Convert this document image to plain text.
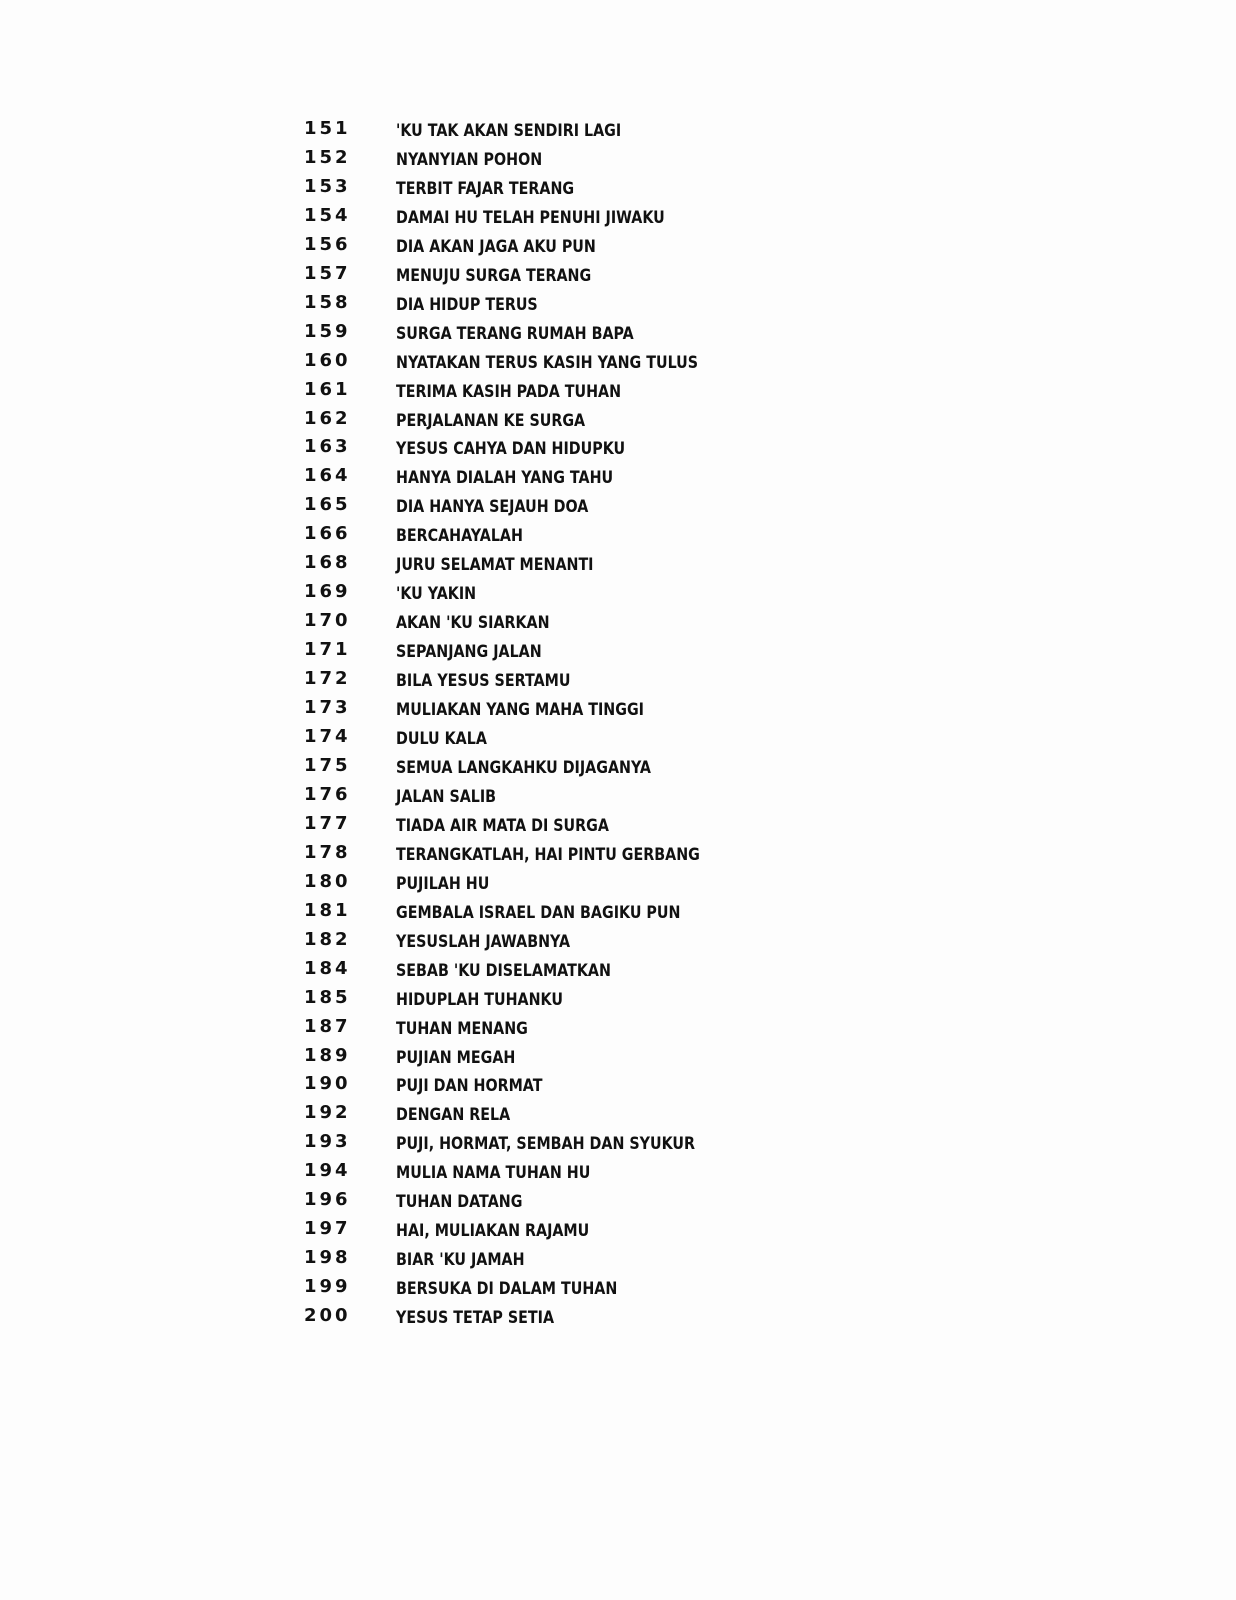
151	'KU TAK AKAN SENDIRI LAGI
152	NYANYIAN POHON
153	TERBIT FAJAR TERANG
154	DAMAI HU TELAH PENUHI JIWAKU
156	DIA AKAN JAGA AKU PUN
157	MENUJU SURGA TERANG
158	DIA HIDUP TERUS
159	SURGA TERANG RUMAH BAPA
160	NYATAKAN TERUS KASIH YANG TULUS
161	TERIMA KASIH PADA TUHAN
162	PERJALANAN KE SURGA
163	YESUS CAHYA DAN HIDUPKU
164	HANYA DIALAH YANG TAHU
165	DIA HANYA SEJAUH DOA
166	BERCAHAYALAH
168	JURU SELAMAT MENANTI
169	'KU YAKIN
170	AKAN 'KU SIARKAN
171	SEPANJANG JALAN
172	BILA YESUS SERTAMU
173	MULIAKAN YANG MAHA TINGGI
174	DULU KALA
175	SEMUA LANGKAHKU DIJAGANYA
176	JALAN SALIB
177	TIADA AIR MATA DI SURGA
178	TERANGKATLAH, HAI PINTU GERBANG
180	PUJILAH HU
181	GEMBALA ISRAEL DAN BAGIKU PUN
182	YESUSLAH JAWABNYA
184	SEBAB 'KU DISELAMATKAN
185	HIDUPLAH TUHANKU
187	TUHAN MENANG
189	PUJIAN MEGAH
190	PUJI DAN HORMAT
192	DENGAN RELA
193	PUJI, HORMAT, SEMBAH DAN SYUKUR
194	MULIA NAMA TUHAN HU
196	TUHAN DATANG
197	HAI, MULIAKAN RAJAMU
198	BIAR 'KU JAMAH
199	BERSUKA DI DALAM TUHAN
200	YESUS TETAP SETIA
